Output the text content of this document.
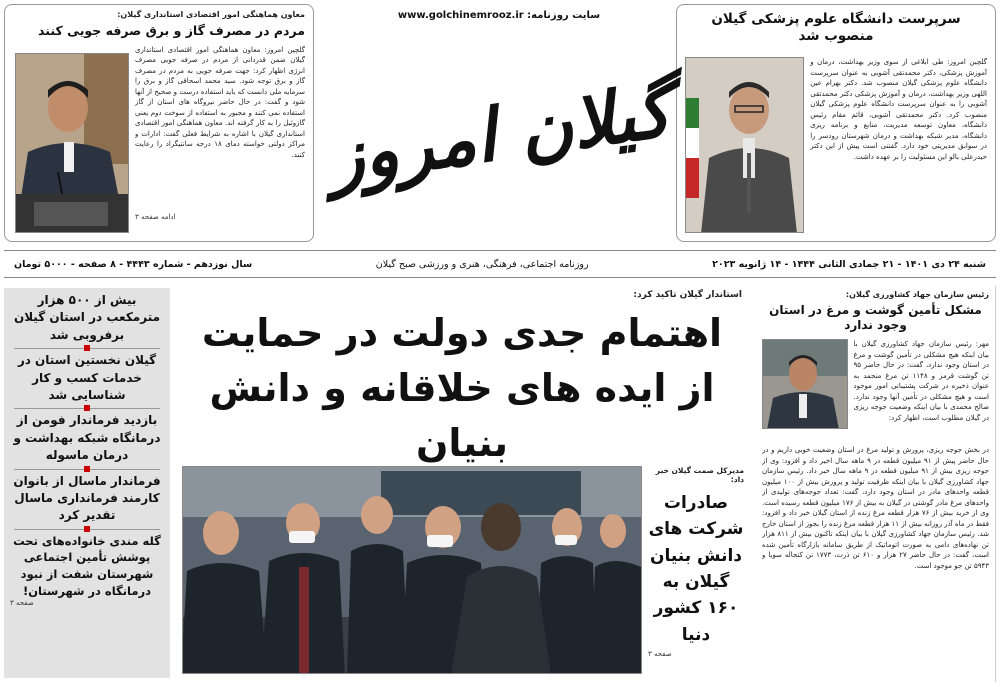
سرپرست دانشگاه علوم پزشکی گیلان منصوب شد
گلچین امروز: طی ابلاغی از سوی وزیر بهداشت، درمان و آموزش پزشکی، دکتر محمدتقی آشوبی به عنوان سرپرست دانشگاه علوم پزشکی گیلان منصوب شد. دکتر بهرام عین اللهی وزیر بهداشت، درمان و آموزش پزشکی دکتر محمدتقی آشوبی را به عنوان سرپرست دانشگاه علوم پزشکی گیلان منصوب کرد. دکتر محمدتقی آشوبی، قائم مقام رئیس دانشگاه، معاون توسعه مدیریت، منابع و برنامه ریزی دانشگاه، مدیر شبکه بهداشت و درمان شهرستان رودسر را در سوابق مدیریتی خود دارد. گفتنی است پیش از این دکتر حیدرعلی بالو این مسئولیت را بر عهده داشت.
معاون هماهنگی امور اقتصادی استانداری گیلان:
مردم در مصرف گاز و برق صرفه جویی کنند
گلچین امروز: معاون هماهنگی امور اقتصادی استانداری گیلان ضمن قدردانی از مردم در صرفه جویی مصرف انرژی اظهار کرد: جهت صرفه جویی به مردم در مصرف گاز و برق توجه شود. سید محمد اسحاقی گاز و برق را سرمایه ملی دانست که باید استفاده درست و صحیح از آنها شود و گفت: در حال حاضر نیروگاه های استان از گاز استفاده نمی کنند و مجبور به استفاده از سوخت دوم یعنی گازوئیل را به کار گرفته اند. معاون هماهنگی امور اقتصادی استانداری گیلان با اشاره به شرایط فعلی گفت: ادارات و مراکز دولتی خواسته دمای ۱۸ درجه سانتیگراد را رعایت کنند.
ادامه صفحه ۳
سایت روزنامه: www.golchinemrooz.ir
گیلان امروز
شنبه ۲۴ دی ۱۴۰۱ - ۲۱ جمادی الثانی ۱۴۴۴ - ۱۴ ژانویه ۲۰۲۳
روزنامه اجتماعی، فرهنگی، هنری و ورزشی صبح گیلان
سال نوزدهم - شماره ۴۴۴۳ - ۸ صفحه - ۵۰۰۰ تومان
رئیس سازمان جهاد کشاورزی گیلان:
مشکل تأمین گوشت و مرغ در استان وجود ندارد
مهر: رئیس سازمان جهاد کشاورزی گیلان با بیان اینکه هیچ مشکلی در تأمین گوشت و مرغ در استان وجود ندارد، گفت: در حال حاضر ۹۵ تن گوشت قرمز و ۱۱۴۸ تن مرغ منجمد به عنوان ذخیره در شرکت پشتیبانی امور موجود است و هیچ مشکلی در تأمین آنها وجود ندارد. صالح محمدی با بیان اینکه وضعیت جوجه ریزی در گیلان مطلوب است، اظهار کرد:
در بخش جوجه ریزی، پرورش و تولید مرغ در استان وضعیت خوبی داریم و در حال حاضر پیش از ۹۱ میلیون قطعه در ۹ ماهه سال اخیر داد و افزود: وی از جوجه ریزی بیش از ۹۱ میلیون قطعه در ۹ ماهه سال خبر داد. رئیس سازمان جهاد کشاورزی گیلان با بیان اینکه ظرفیت تولید و پرورش بیش از ۱۰۰ میلیون قطعه واحدهای مادر در استان وجود دارد، گفت: تعداد جوجه‌های تولیدی از واحدهای مرغ مادر گوشتی در گیلان به بیش از ۱۷۶ میلیون قطعه رسیده است. وی از خرید بیش از ۷۶ هزار قطعه مرغ زنده از استان گیلان خبر داد و افزود: فقط در ماه آذر روزانه بیش از ۱۱ هزار قطعه مرغ زنده را بجوز از استان خارج شد. رئیس سازمان جهاد کشاورزی گیلان با بیان اینکه تاکنون بیش از ۸۱۱ هزار تن نهاده‌های دامی به صورت اتوماتیک از طریق سامانه بازارگاه تأمین شده است، گفت: در حال حاضر ۲۷ هزار و ۶۱۰ تن ذرت، ۱۷۷۳ تن کنجاله سویا و ۵۹۴۳ تن جو موجود است.
استاندار گیلان تاکید کرد:
اهتمام جدی دولت در حمایت از ایده های خلاقانه و دانش بنیان
مدیرکل صمت گیلان خبر داد:
صادرات شرکت های دانش بنیان گیلان به ۱۶۰ کشور دنیا
صفحه ۳
بیش از ۵۰۰ هزار مترمکعب در استان گیلان برفروبی شد
گیلان نخستین استان در خدمات کسب و کار شناسایی شد
بازدید فرماندار فومن از درمانگاه شبکه بهداشت و درمان ماسوله
فرماندار ماسال از بانوان کارمند فرمانداری ماسال تقدیر کرد
گله مندی خانواده‌های تحت پوشش تأمین اجتماعی شهرستان شفت از نبود درمانگاه در شهرستان!
صفحه ۳
